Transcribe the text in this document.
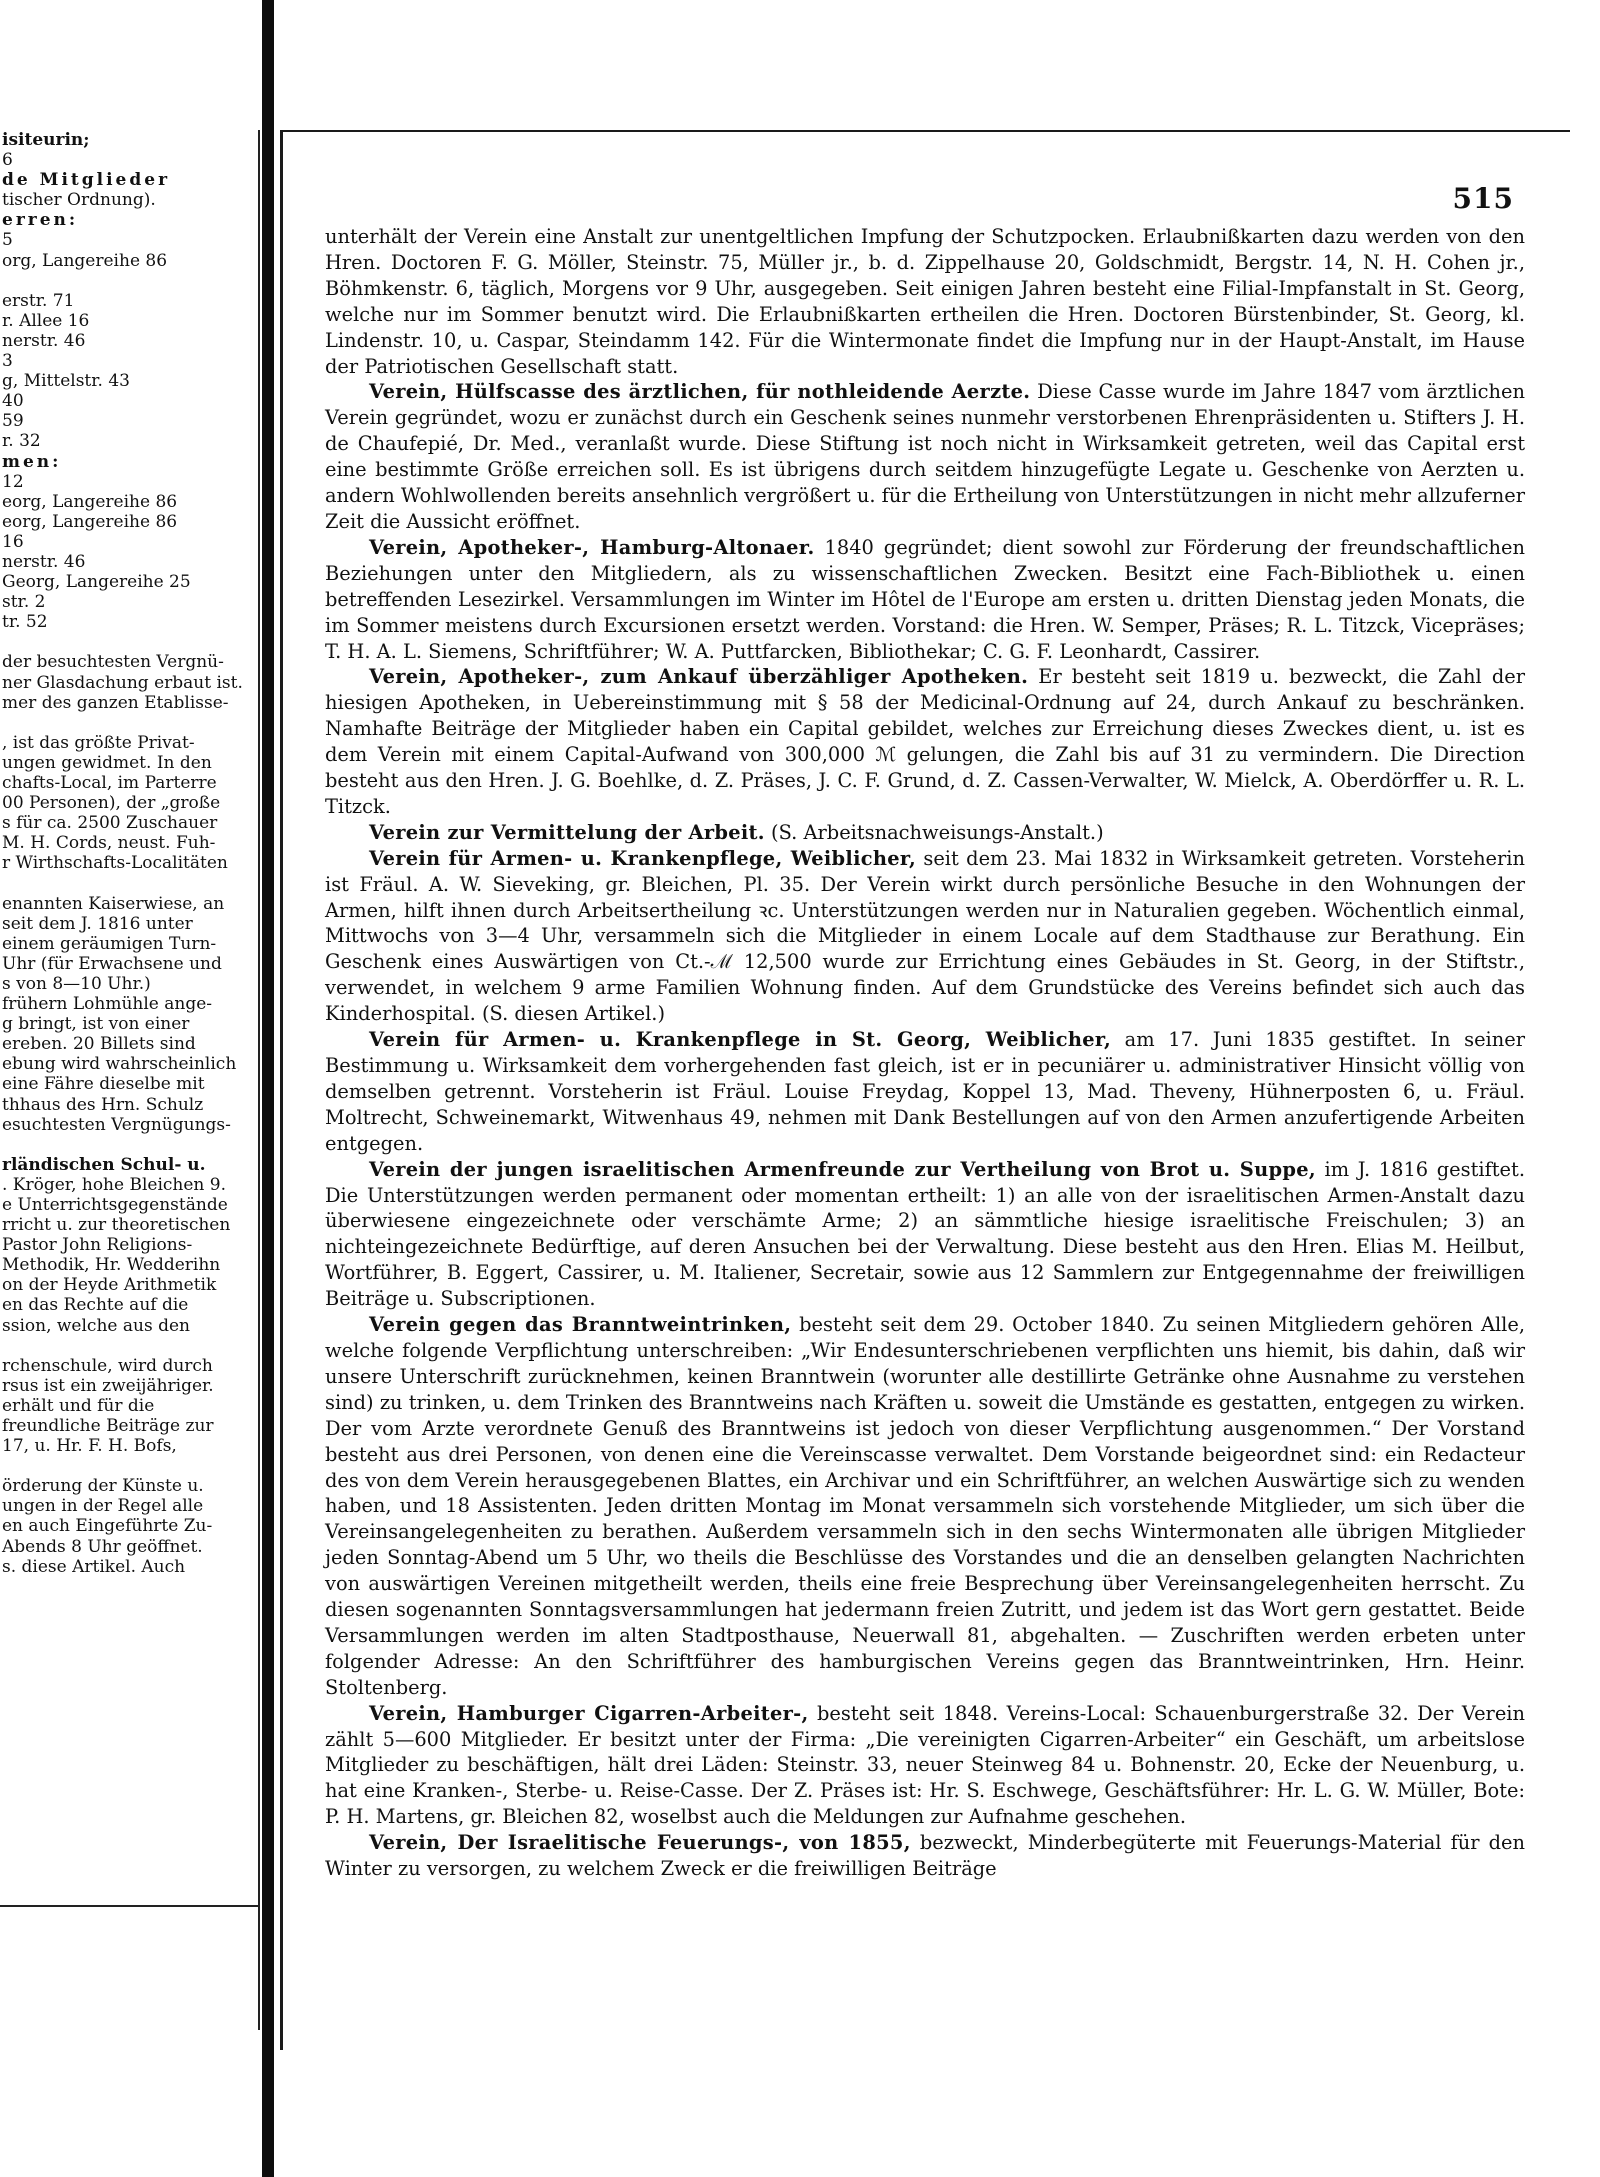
isiteurin;
6
de Mitglieder
tischer Ordnung).
erren:
5
org, Langereihe 86

erstr. 71
r. Allee 16
nerstr. 46
3
g, Mittelstr. 43
40
59
r. 32
men:
12
eorg, Langereihe 86
eorg, Langereihe 86
16
nerstr. 46
Georg, Langereihe 25
str. 2
tr. 52

der besuchtesten Vergnü-
ner Glasdachung erbaut ist.
mer des ganzen Etablisse-

, ist das größte Privat-
ungen gewidmet. In den
chafts-Local, im Parterre
00 Personen), der „große
s für ca. 2500 Zuschauer
M. H. Cords, neust. Fuh-
r Wirthschafts-Localitäten

enannten Kaiserwiese, an
seit dem J. 1816 unter
einem geräumigen Turn-
Uhr (für Erwachsene und
s von 8—10 Uhr.)
frühern Lohmühle ange-
g bringt, ist von einer
ereben. 20 Billets sind
ebung wird wahrscheinlich
eine Fähre dieselbe mit
thhaus des Hrn. Schulz
esuchtesten Vergnügungs-

rländischen Schul- u.
. Kröger, hohe Bleichen 9.
e Unterrichtsgegenstände
rricht u. zur theoretischen
Pastor John Religions-
Methodik, Hr. Wedderihn
on der Heyde Arithmetik
en das Rechte auf die
ssion, welche aus den

rchenschule, wird durch
rsus ist ein zweijähriger.
erhält und für die
freundliche Beiträge zur
17, u. Hr. F. H. Bofs,

örderung der Künste u.
ungen in der Regel alle
en auch Eingeführte Zu-
Abends 8 Uhr geöffnet.
s. diese Artikel. Auch
515

unterhält der Verein eine Anstalt zur unentgeltlichen Impfung der Schutzpocken. Erlaubnißkarten dazu werden von den Hren. Doctoren F. G. Möller, Steinstr. 75, Müller jr., b. d. Zippelhause 20, Goldschmidt, Bergstr. 14, N. H. Cohen jr., Böhmkenstr. 6, täglich, Morgens vor 9 Uhr, ausgegeben. Seit einigen Jahren besteht eine Filial-Impfanstalt in St. Georg, welche nur im Sommer benutzt wird. Die Erlaubnißkarten ertheilen die Hren. Doctoren Bürstenbinder, St. Georg, kl. Lindenstr. 10, u. Caspar, Steindamm 142. Für die Wintermonate findet die Impfung nur in der Haupt-Anstalt, im Hause der Patriotischen Gesellschaft statt.

Verein, Hülfscasse des ärztlichen, für nothleidende Aerzte. Diese Casse wurde im Jahre 1847 vom ärztlichen Verein gegründet, wozu er zunächst durch ein Geschenk seines nunmehr verstorbenen Ehrenpräsidenten u. Stifters J. H. de Chaufepié, Dr. Med., veranlaßt wurde. Diese Stiftung ist noch nicht in Wirksamkeit getreten, weil das Capital erst eine bestimmte Größe erreichen soll. Es ist übrigens durch seitdem hinzugefügte Legate u. Geschenke von Aerzten u. andern Wohlwollenden bereits ansehnlich vergrößert u. für die Ertheilung von Unterstützungen in nicht mehr allzuferner Zeit die Aussicht eröffnet.

Verein, Apotheker-, Hamburg-Altonaer. 1840 gegründet; dient sowohl zur Förderung der freundschaftlichen Beziehungen unter den Mitgliedern, als zu wissenschaftlichen Zwecken. Besitzt eine Fach-Bibliothek u. einen betreffenden Lesezirkel. Versammlungen im Winter im Hôtel de l'Europe am ersten u. dritten Dienstag jeden Monats, die im Sommer meistens durch Excursionen ersetzt werden. Vorstand: die Hren. W. Semper, Präses; R. L. Titzck, Vicepräses; T. H. A. L. Siemens, Schriftführer; W. A. Puttfarcken, Bibliothekar; C. G. F. Leonhardt, Cassirer.

Verein, Apotheker-, zum Ankauf überzähliger Apotheken. Er besteht seit 1819 u. bezweckt, die Zahl der hiesigen Apotheken, in Uebereinstimmung mit § 58 der Medicinal-Ordnung auf 24, durch Ankauf zu beschränken. Namhafte Beiträge der Mitglieder haben ein Capital gebildet, welches zur Erreichung dieses Zweckes dient, u. ist es dem Verein mit einem Capital-Aufwand von 300,000 ℳ gelungen, die Zahl bis auf 31 zu vermindern. Die Direction besteht aus den Hren. J. G. Boehlke, d. Z. Präses, J. C. F. Grund, d. Z. Cassen-Verwalter, W. Mielck, A. Oberdörffer u. R. L. Titzck.

Verein zur Vermittelung der Arbeit. (S. Arbeitsnachweisungs-Anstalt.)

Verein für Armen- u. Krankenpflege, Weiblicher, seit dem 23. Mai 1832 in Wirksamkeit getreten. Vorsteherin ist Fräul. A. W. Sieveking, gr. Bleichen, Pl. 35. Der Verein wirkt durch persönliche Besuche in den Wohnungen der Armen, hilft ihnen durch Arbeitsertheilung ꝛc. Unterstützungen werden nur in Naturalien gegeben. Wöchentlich einmal, Mittwochs von 3—4 Uhr, versammeln sich die Mitglieder in einem Locale auf dem Stadthause zur Berathung. Ein Geschenk eines Auswärtigen von Ct.-ℳ 12,500 wurde zur Errichtung eines Gebäudes in St. Georg, in der Stiftstr., verwendet, in welchem 9 arme Familien Wohnung finden. Auf dem Grundstücke des Vereins befindet sich auch das Kinderhospital. (S. diesen Artikel.)

Verein für Armen- u. Krankenpflege in St. Georg, Weiblicher, am 17. Juni 1835 gestiftet. In seiner Bestimmung u. Wirksamkeit dem vorhergehenden fast gleich, ist er in pecuniärer u. administrativer Hinsicht völlig von demselben getrennt. Vorsteherin ist Fräul. Louise Freydag, Koppel 13, Mad. Theveny, Hühnerposten 6, u. Fräul. Moltrecht, Schweinemarkt, Witwenhaus 49, nehmen mit Dank Bestellungen auf von den Armen anzufertigende Arbeiten entgegen.

Verein der jungen israelitischen Armenfreunde zur Vertheilung von Brot u. Suppe, im J. 1816 gestiftet. Die Unterstützungen werden permanent oder momentan ertheilt: 1) an alle von der israelitischen Armen-Anstalt dazu überwiesene eingezeichnete oder verschämte Arme; 2) an sämmtliche hiesige israelitische Freischulen; 3) an nichteingezeichnete Bedürftige, auf deren Ansuchen bei der Verwaltung. Diese besteht aus den Hren. Elias M. Heilbut, Wortführer, B. Eggert, Cassirer, u. M. Italiener, Secretair, sowie aus 12 Sammlern zur Entgegennahme der freiwilligen Beiträge u. Subscriptionen.

Verein gegen das Branntweintrinken, besteht seit dem 29. October 1840. Zu seinen Mitgliedern gehören Alle, welche folgende Verpflichtung unterschreiben: „Wir Endesunterschriebenen verpflichten uns hiemit, bis dahin, daß wir unsere Unterschrift zurücknehmen, keinen Branntwein (worunter alle destillirte Getränke ohne Ausnahme zu verstehen sind) zu trinken, u. dem Trinken des Branntweins nach Kräften u. soweit die Umstände es gestatten, entgegen zu wirken. Der vom Arzte verordnete Genuß des Branntweins ist jedoch von dieser Verpflichtung ausgenommen.“ Der Vorstand besteht aus drei Personen, von denen eine die Vereinscasse verwaltet. Dem Vorstande beigeordnet sind: ein Redacteur des von dem Verein herausgegebenen Blattes, ein Archivar und ein Schriftführer, an welchen Auswärtige sich zu wenden haben, und 18 Assistenten. Jeden dritten Montag im Monat versammeln sich vorstehende Mitglieder, um sich über die Vereinsangelegenheiten zu berathen. Außerdem versammeln sich in den sechs Wintermonaten alle übrigen Mitglieder jeden Sonntag-Abend um 5 Uhr, wo theils die Beschlüsse des Vorstandes und die an denselben gelangten Nachrichten von auswärtigen Vereinen mitgetheilt werden, theils eine freie Besprechung über Vereinsangelegenheiten herrscht. Zu diesen sogenannten Sonntagsversammlungen hat jedermann freien Zutritt, und jedem ist das Wort gern gestattet. Beide Versammlungen werden im alten Stadtposthause, Neuerwall 81, abgehalten. — Zuschriften werden erbeten unter folgender Adresse: An den Schriftführer des hamburgischen Vereins gegen das Branntweintrinken, Hrn. Heinr. Stoltenberg.

Verein, Hamburger Cigarren-Arbeiter-, besteht seit 1848. Vereins-Local: Schauenburgerstraße 32. Der Verein zählt 5—600 Mitglieder. Er besitzt unter der Firma: „Die vereinigten Cigarren-Arbeiter“ ein Geschäft, um arbeitslose Mitglieder zu beschäftigen, hält drei Läden: Steinstr. 33, neuer Steinweg 84 u. Bohnenstr. 20, Ecke der Neuenburg, u. hat eine Kranken-, Sterbe- u. Reise-Casse. Der Z. Präses ist: Hr. S. Eschwege, Geschäftsführer: Hr. L. G. W. Müller, Bote: P. H. Martens, gr. Bleichen 82, woselbst auch die Meldungen zur Aufnahme geschehen.

Verein, Der Israelitische Feuerungs-, von 1855, bezweckt, Minderbegüterte mit Feuerungs-Material für den Winter zu versorgen, zu welchem Zweck er die freiwilligen Beiträge
